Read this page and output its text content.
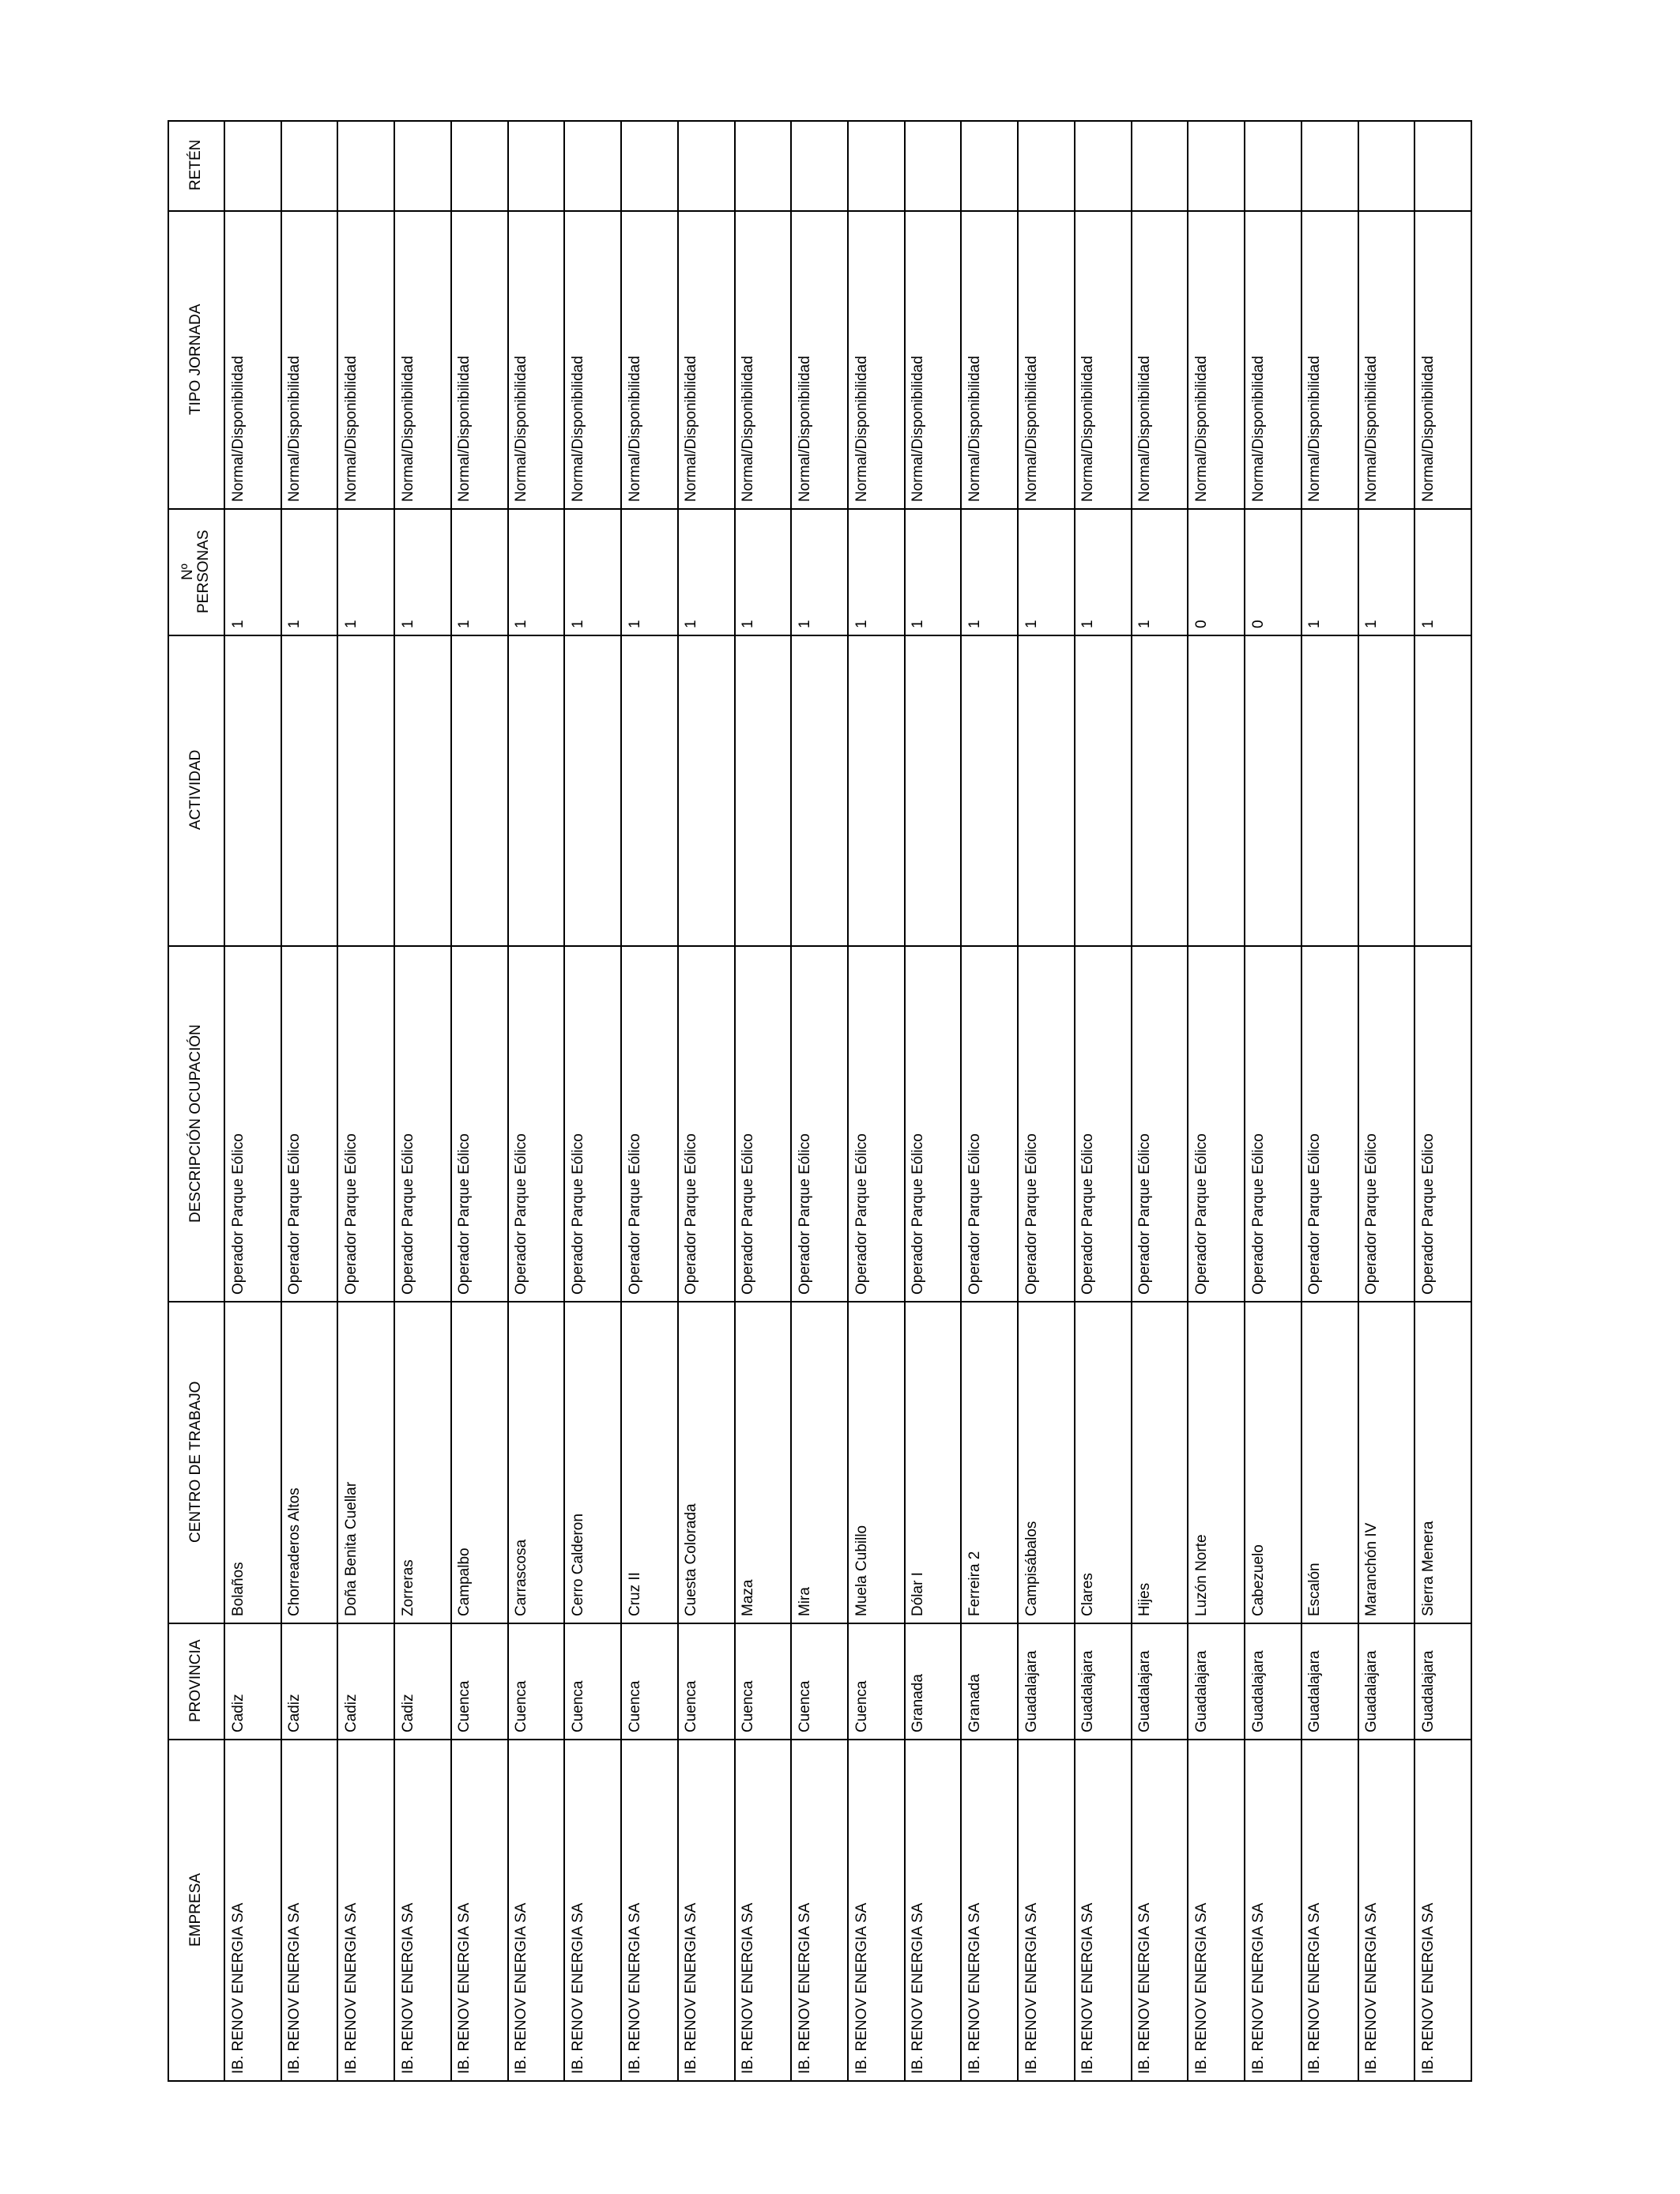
RETÉN
TIPO JORNADA
Nº PERSONAS
ACTIVIDAD
DESCRIPCIÓN OCUPACIÓN
CENTRO DE TRABAJO
PROVINCIA
EMPRESA
Normal/Disponibilidad
1
Operador Parque Eólico
Bolaños
Cadiz
IB. RENOV ENERGIA SA
Normal/Disponibilidad
1
Operador Parque Eólico
Chorreaderos Altos
Cadiz
IB. RENOV ENERGIA SA
Normal/Disponibilidad
1
Operador Parque Eólico
Doña Benita Cuellar
Cadiz
IB. RENOV ENERGIA SA
Normal/Disponibilidad
1
Operador Parque Eólico
Zorreras
Cadiz
IB. RENOV ENERGIA SA
Normal/Disponibilidad
1
Operador Parque Eólico
Campalbo
Cuenca
IB. RENOV ENERGIA SA
Normal/Disponibilidad
1
Operador Parque Eólico
Carrascosa
Cuenca
IB. RENOV ENERGIA SA
Normal/Disponibilidad
1
Operador Parque Eólico
Cerro Calderon
Cuenca
IB. RENOV ENERGIA SA
Normal/Disponibilidad
1
Operador Parque Eólico
Cruz II
Cuenca
IB. RENOV ENERGIA SA
Normal/Disponibilidad
1
Operador Parque Eólico
Cuesta Colorada
Cuenca
IB. RENOV ENERGIA SA
Normal/Disponibilidad
1
Operador Parque Eólico
Maza
Cuenca
IB. RENOV ENERGIA SA
Normal/Disponibilidad
1
Operador Parque Eólico
Mira
Cuenca
IB. RENOV ENERGIA SA
Normal/Disponibilidad
1
Operador Parque Eólico
Muela Cubillo
Cuenca
IB. RENOV ENERGIA SA
Normal/Disponibilidad
1
Operador Parque Eólico
Dólar I
Granada
IB. RENOV ENERGIA SA
Normal/Disponibilidad
1
Operador Parque Eólico
Ferreira 2
Granada
IB. RENOV ENERGIA SA
Normal/Disponibilidad
1
Operador Parque Eólico
Campisábalos
Guadalajara
IB. RENOV ENERGIA SA
Normal/Disponibilidad
1
Operador Parque Eólico
Clares
Guadalajara
IB. RENOV ENERGIA SA
Normal/Disponibilidad
1
Operador Parque Eólico
Hijes
Guadalajara
IB. RENOV ENERGIA SA
Normal/Disponibilidad
0
Operador Parque Eólico
Luzón Norte
Guadalajara
IB. RENOV ENERGIA SA
Normal/Disponibilidad
0
Operador Parque Eólico
Cabezuelo
Guadalajara
IB. RENOV ENERGIA SA
Normal/Disponibilidad
1
Operador Parque Eólico
Escalón
Guadalajara
IB. RENOV ENERGIA SA
Normal/Disponibilidad
1
Operador Parque Eólico
Maranchón IV
Guadalajara
IB. RENOV ENERGIA SA
Normal/Disponibilidad
1
Operador Parque Eólico
Sierra Menera
Guadalajara
IB. RENOV ENERGIA SA
